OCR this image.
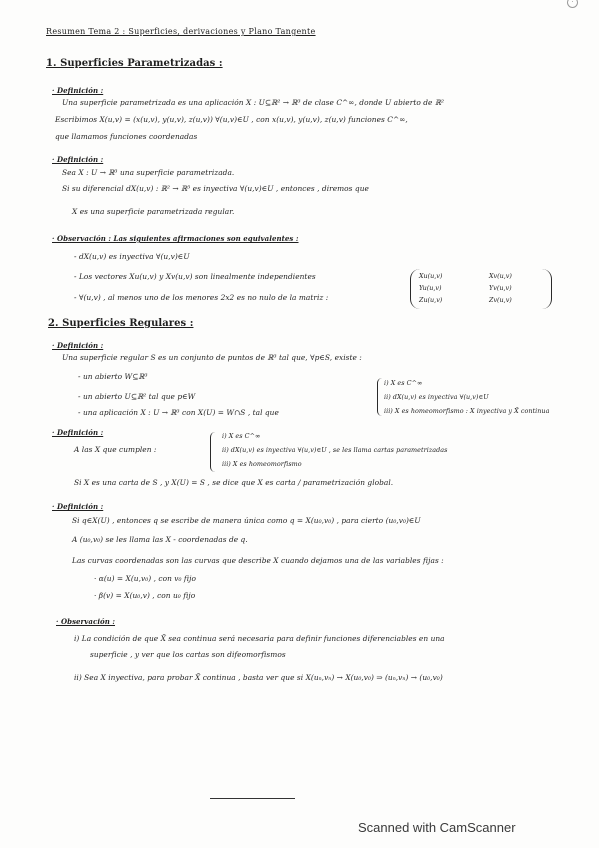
·
Resumen Tema 2 : Superficies, derivaciones y Plano Tangente
1. Superficies Parametrizadas :
· Definición :
Una superficie parametrizada es una aplicación X : U⊆ℝ² → ℝ³ de clase C^∞, donde U abierto de ℝ²
Escribimos X(u,v) = (x(u,v), y(u,v), z(u,v)) ∀(u,v)∈U , con x(u,v), y(u,v), z(u,v) funciones C^∞,
que llamamos funciones coordenadas
· Definición :
Sea X : U → ℝ³ una superficie parametrizada.
Si su diferencial dX(u,v) : ℝ² → ℝ³ es inyectiva ∀(u,v)∈U , entonces , diremos que
X es una superficie parametrizada regular.
· Observación : Las siguientes afirmaciones son equivalentes :
- dX(u,v) es inyectiva ∀(u,v)∈U
- Los vectores Xu(u,v) y Xv(u,v) son linealmente independientes
- ∀(u,v) , al menos uno de los menores 2x2 es no nulo de la matriz :
Xu(u,v)	Xv(u,v)
Yu(u,v)	Yv(u,v)
Zu(u,v)	Zv(u,v)
2. Superficies Regulares :
· Definición :
Una superficie regular S es un conjunto de puntos de ℝ³ tal que, ∀p∈S, existe :
- un abierto W⊆ℝ³
- un abierto U⊆ℝ² tal que p∈W
- una aplicación X : U → ℝ³ con X(U) = W∩S , tal que
i) X es C^∞
ii) dX(u,v) es inyectiva ∀(u,v)∈U
iii) X es homeomorfismo : X inyectiva y X̃ continua
· Definición :
A las X que cumplen :
i) X es C^∞
ii) dX(u,v) es inyectiva ∀(u,v)∈U , se les llama cartas parametrizadas
iii) X es homeomorfismo
Si X es una carta de S , y X(U) = S , se dice que X es carta / parametrización global.
· Definición :
Si q∈X(U) , entonces q se escribe de manera única como q = X(u₀,v₀) , para cierto (u₀,v₀)∈U
A (u₀,v₀) se les llama las X - coordenadas de q.
Las curvas coordenadas son las curvas que describe X cuando dejamos una de las variables fijas :
· α(u) = X(u,v₀) , con v₀ fijo
· β(v) = X(u₀,v) , con u₀ fijo
· Observación :
i) La condición de que X̃ sea continua será necesaria para definir funciones diferenciables en una
superficie , y ver que los cartas son difeomorfismos
ii) Sea X inyectiva, para probar X̃ continua , basta ver que si X(uₙ,vₙ) → X(u₀,v₀) ⇒ (uₙ,vₙ) → (u₀,v₀)
Scanned with CamScanner
